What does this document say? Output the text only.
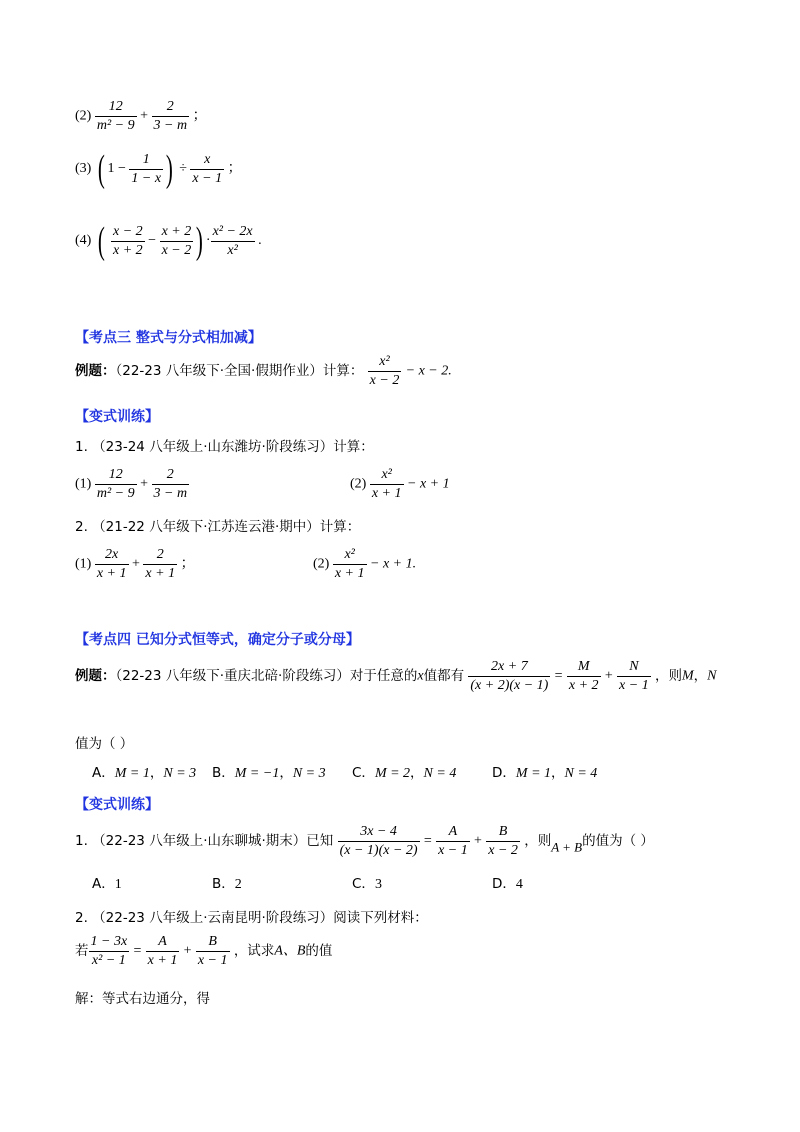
$(2) \frac{12}{\text{m² − 9}} + \frac{2}{3 - m}$ ；
(3) ( $1 - \frac{1}{1 - x}$ ) ÷ $\frac{x}{x - 1}$ ；
(4) ( $\frac{x - 2}{x + 2} - \frac{x + 2}{x - 2}$ ) · $\frac{\text{x² − 2x}}{\text{x²}}$ .
【考点三 整式与分式相加减】
例题：（22-23 八年级下·全国·假期作业）计算： $\frac{\text{x²}}{x - 2} - x - 2$.
【变式训练】
1. （23-24 八年级上·山东潍坊·阶段练习）计算：
$(1) \frac{12}{\text{m² − 9}} + \frac{2}{3 - m}$	$(2) \frac{\text{x²}}{x + 1} - x + 1$
2. （21-22 八年级下·江苏连云港·期中）计算：
$(1) \frac{2x}{x + 1} + \frac{2}{x + 1}$ ；	$(2) \frac{\text{x²}}{x + 1} - x + 1$.
【考点四 已知分式恒等式，确定分子或分母】
例题：（22-23 八年级下·重庆北碚·阶段练习）对于任意的x值都有 $\frac{2x + 7}{(x + 2)(x - 1)} = \frac{M}{x + 2} + \frac{N}{x - 1}$ ，则M，N
值为（ ）
A．M = 1，N = 3 B．M = −1，N = 3 C．M = 2，N = 4	D．M = 1，N = 4
【变式训练】
1. （22-23 八年级上·山东聊城·期末）已知 $\frac{3x - 4}{(x - 1)(x - 2)} = \frac{A}{x - 1} + \frac{B}{x - 2}$ ，则A + B的值为（ ）
A．1	B．2	C．3	D．4
2. （22-23 八年级上·云南昆明·阶段练习）阅读下列材料：
若 $\frac{1 - 3x}{\text{x² − 1}} = \frac{A}{x + 1} + \frac{B}{x - 1}$ ，试求A、B的值
解：等式右边通分，得
